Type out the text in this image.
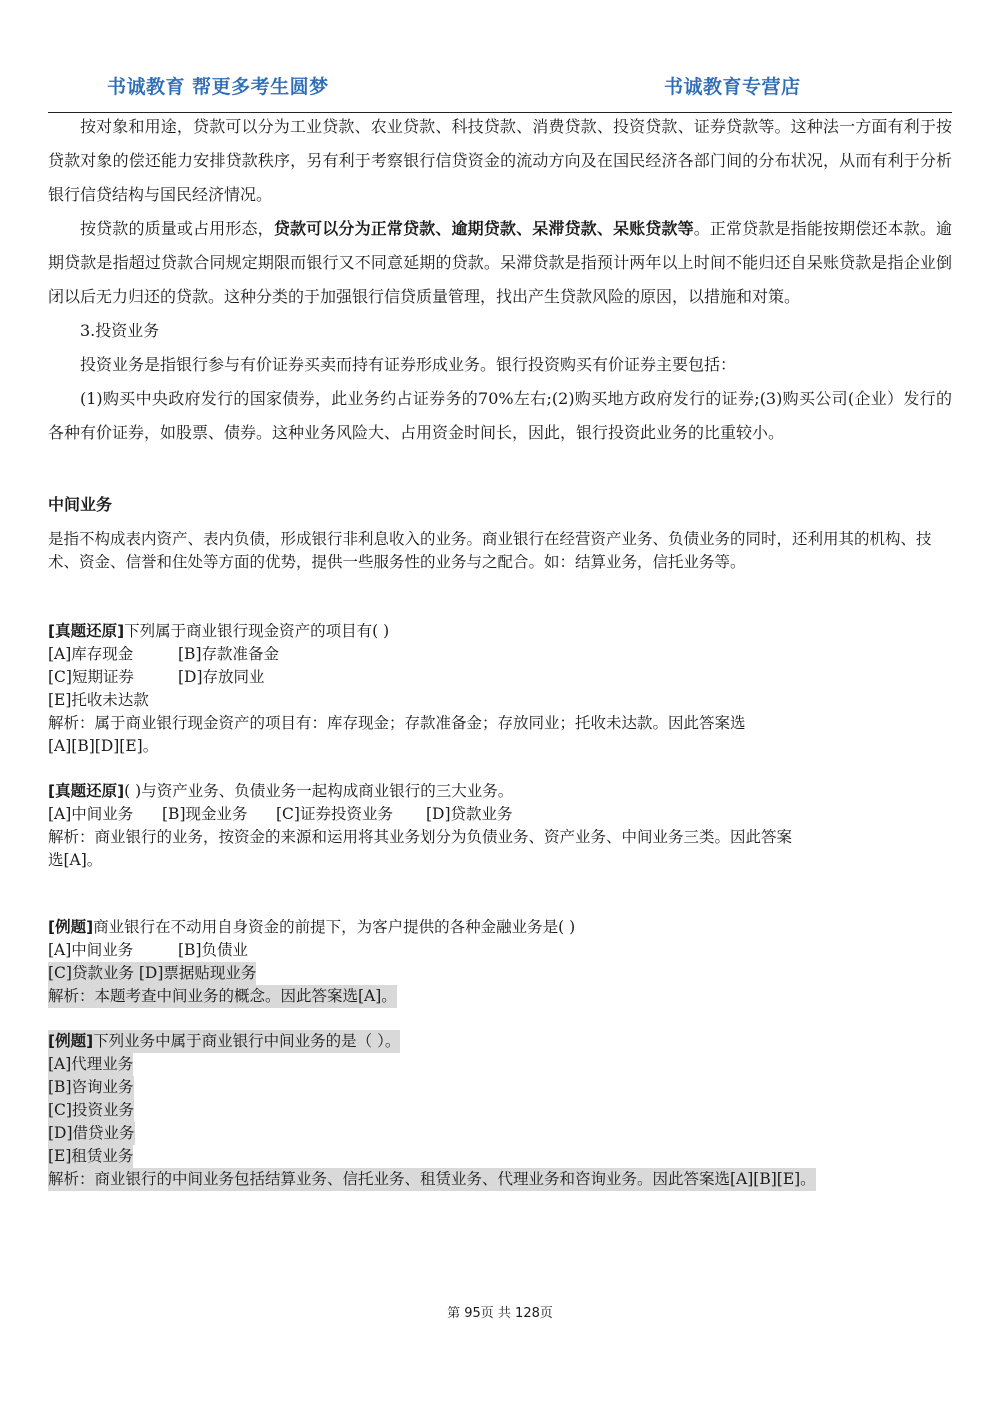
书诚教育 帮更多考生圆梦	书诚教育专营店

按对象和用途，贷款可以分为工业贷款、农业贷款、科技贷款、消费贷款、投资贷款、证券贷款等。这种法一方面有利于按贷款对象的偿还能力安排贷款秩序，另有利于考察银行信贷资金的流动方向及在国民经济各部门间的分布状况，从而有利于分析银行信贷结构与国民经济情况。

按贷款的质量或占用形态，贷款可以分为正常贷款、逾期贷款、呆滞贷款、呆账贷款等。正常贷款是指能按期偿还本款。逾期贷款是指超过贷款合同规定期限而银行又不同意延期的贷款。呆滞贷款是指预计两年以上时间不能归还自呆账贷款是指企业倒闭以后无力归还的贷款。这种分类的于加强银行信贷质量管理，找出产生贷款风险的原因，以措施和对策。

3.投资业务

投资业务是指银行参与有价证券买卖而持有证券形成业务。银行投资购买有价证券主要包括：

(1)购买中央政府发行的国家债券，此业务约占证券务的70%左右;(2)购买地方政府发行的证券;(3)购买公司(企业）发行的各种有价证券，如股票、债券。这种业务风险大、占用资金时间长，因此，银行投资此业务的比重较小。

中间业务

是指不构成表内资产、表内负债，形成银行非利息收入的业务。商业银行在经营资产业务、负债业务的同时，还利用其的机构、技术、资金、信誉和住处等方面的优势，提供一些服务性的业务与之配合。如：结算业务，信托业务等。

[真题还原]下列属于商业银行现金资产的项目有( )
[A]库存现金	[B]存款准备金
[C]短期证券	[D]存放同业
[E]托收未达款
解析：属于商业银行现金资产的项目有：库存现金；存款准备金；存放同业；托收未达款。因此答案选
[A][B][D][E]。
[真题还原]( )与资产业务、负债业务一起构成商业银行的三大业务。
[A]中间业务 [B]现金业务 [C]证券投资业务 [D]贷款业务
解析：商业银行的业务，按资金的来源和运用将其业务划分为负债业务、资产业务、中间业务三类。因此答案
选[A]。
[例题]商业银行在不动用自身资金的前提下，为客户提供的各种金融业务是( )
[A]中间业务	[B]负债业
[C]贷款业务 [D]票据贴现业务
解析：本题考查中间业务的概念。因此答案选[A]。
[例题]下列业务中属于商业银行中间业务的是（ ）。
[A]代理业务
[B]咨询业务
[C]投资业务
[D]借贷业务
[E]租赁业务
解析：商业银行的中间业务包括结算业务、信托业务、租赁业务、代理业务和咨询业务。因此答案选[A][B][E]。
第 95页 共 128页
